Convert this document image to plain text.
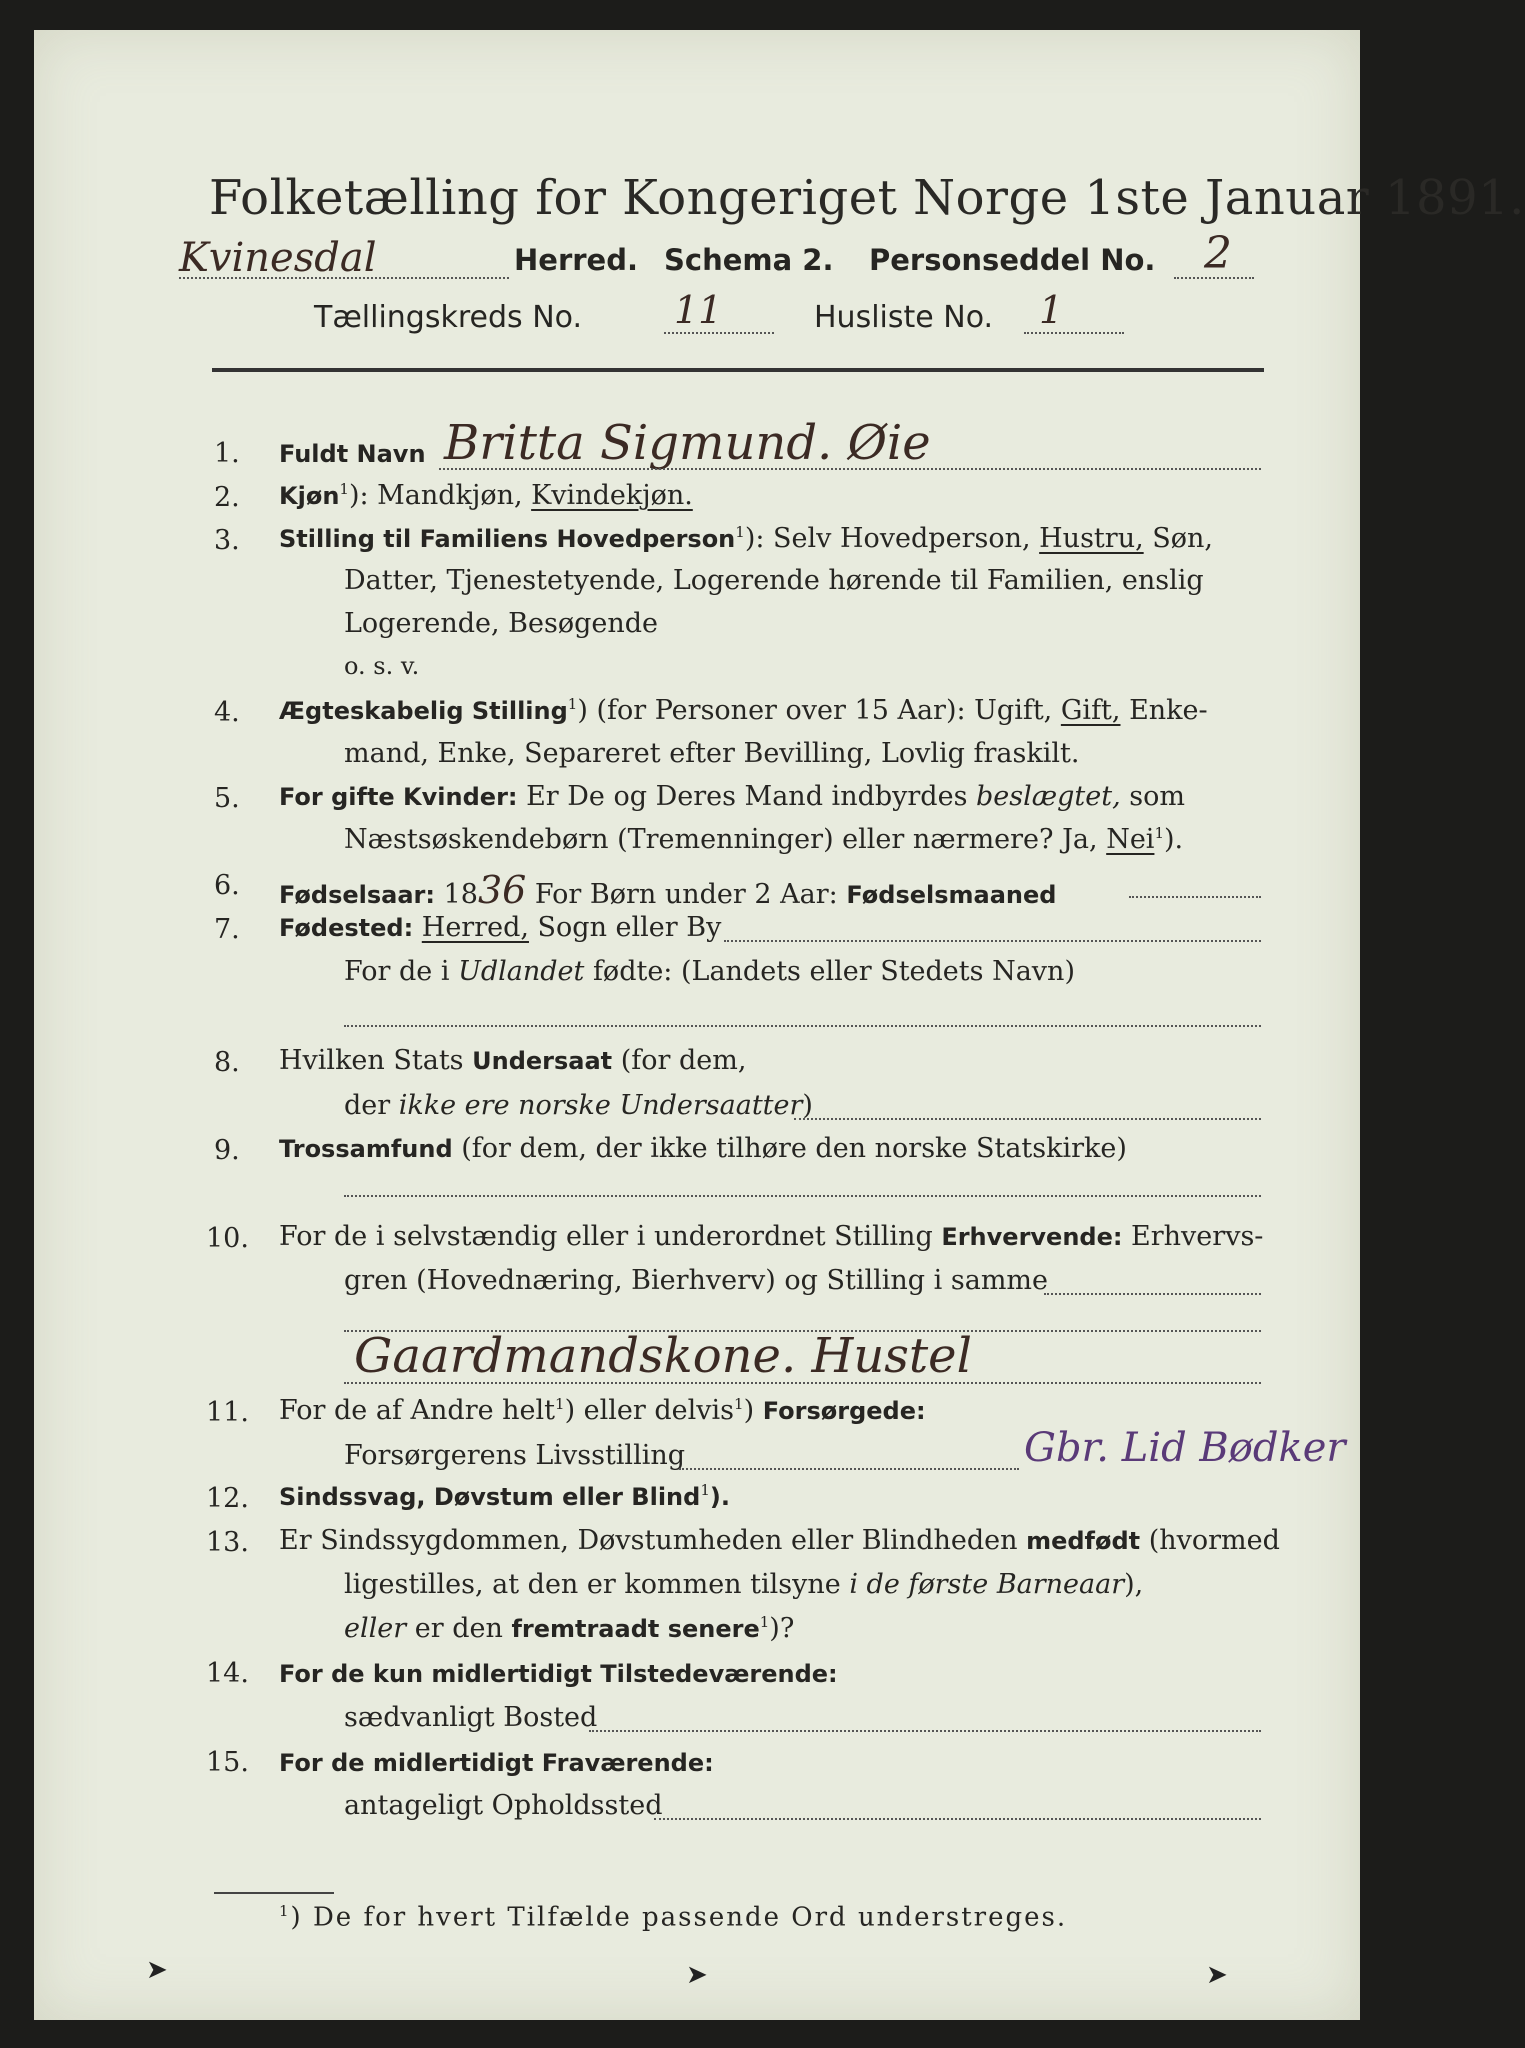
Folketælling for Kongeriget Norge 1ste Januar 1891.
Kvinesdal	Herred. Schema 2. Personseddel No. 2
Tællingskreds No. 11	Husliste No. 1
1. Fuldt Navn Britta Sigmund. Øie
2. Kjøn$^1$): Mandkjøn, Kvindekjøn.
3. Stilling til Familiens Hovedperson$^1$): Selv Hovedperson, Hustru, Søn,
Datter, Tjenestetyende, Logerende hørende til Familien, enslig
Logerende, Besøgende
o. s. v.
4. Ægteskabelig Stilling$^1$) (for Personer over 15 Aar): Ugift, Gift, Enke-
mand, Enke, Separeret efter Bevilling, Lovlig fraskilt.
5. For gifte Kvinder: Er De og Deres Mand indbyrdes beslægtet, som
Næstsøskendebørn (Tremenninger) eller nærmere? Ja, Nei$^1$).
6. Fødselsaar: 1836 For Børn under 2 Aar: Fødselsmaaned
7. Fødested: Herred, Sogn eller By
For de i Udlandet fødte: (Landets eller Stedets Navn)
8. Hvilken Stats Undersaat (for dem,
der ikke ere norske Undersaatter)
9. Trossamfund (for dem, der ikke tilhøre den norske Statskirke)
10. For de i selvstændig eller i underordnet Stilling Erhvervende: Erhvervs-
gren (Hovednæring, Bierhverv) og Stilling i samme
Gaardmandskone. Hustel
11. For de af Andre helt$^1$) eller delvis$^1$) Forsørgede:
Forsørgerens Livsstilling	Gbr. Lid Bødker
12. Sindssvag, Døvstum eller Blind$^1$).
13. Er Sindssygdommen, Døvstumheden eller Blindheden medfødt (hvormed
ligestilles, at den er kommen tilsyne i de første Barneaar),
eller er den fremtraadt senere$^1$)?
14. For de kun midlertidigt Tilstedeværende:
sædvanligt Bosted
15. For de midlertidigt Fraværende:
antageligt Opholdssted
$^1$) De for hvert Tilfælde passende Ord understreges.
➤	➤	➤
